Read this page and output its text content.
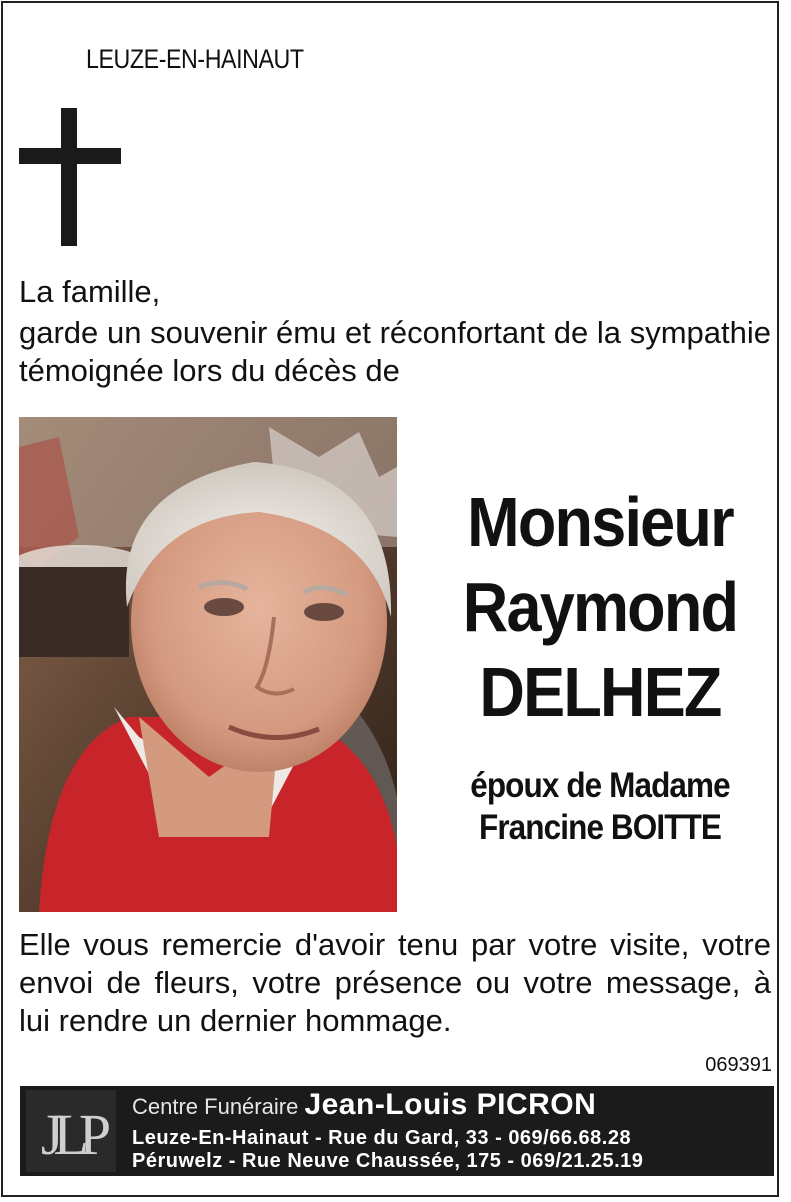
LEUZE-EN-HAINAUT
La famille,
garde un souvenir ému et réconfortant de la sympathie témoignée lors du décès de
Monsieur
Raymond
DELHEZ
époux de Madame
Francine BOITTE
Elle vous remercie d'avoir tenu par votre visite, votre envoi de fleurs, votre présence ou votre message, à lui rendre un dernier hommage.
069391
JLP	Centre Funéraire Jean-Louis PICRON
Leuze-En-Hainaut - Rue du Gard, 33 - 069/66.68.28
Péruwelz - Rue Neuve Chaussée, 175 - 069/21.25.19
